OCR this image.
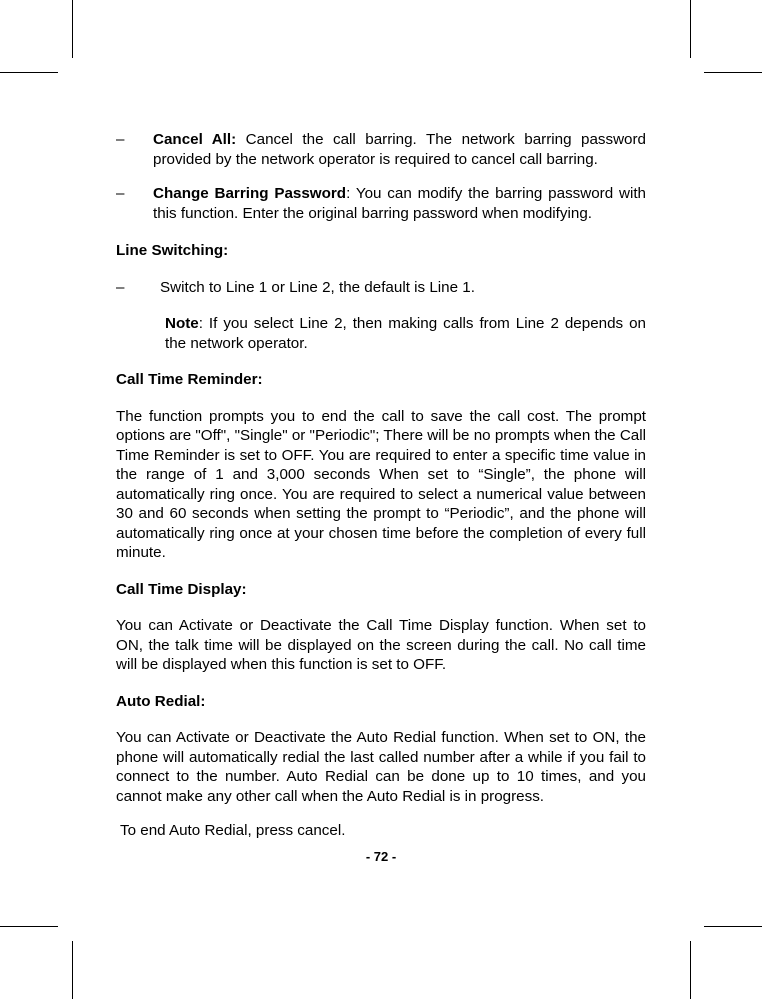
– Cancel All: Cancel the call barring. The network barring password provided by the network operator is required to cancel call barring.

– Change Barring Password: You can modify the barring password with this function. Enter the original barring password when modifying.

Line Switching:

– Switch to Line 1 or Line 2, the default is Line 1.

Note: If you select Line 2, then making calls from Line 2 depends on the network operator.

Call Time Reminder:

The function prompts you to end the call to save the call cost. The prompt options are "Off", "Single" or "Periodic"; There will be no prompts when the Call Time Reminder is set to OFF. You are required to enter a specific time value in the range of 1 and 3,000 seconds When set to “Single”, the phone will automatically ring once. You are required to select a numerical value between 30 and 60 seconds when setting the prompt to “Periodic”, and the phone will automatically ring once at your chosen time before the completion of every full minute.

Call Time Display:

You can Activate or Deactivate the Call Time Display function. When set to ON, the talk time will be displayed on the screen during the call. No call time will be displayed when this function is set to OFF.

Auto Redial:

You can Activate or Deactivate the Auto Redial function. When set to ON, the phone will automatically redial the last called number after a while if you fail to connect to the number. Auto Redial can be done up to 10 times, and you cannot make any other call when the Auto Redial is in progress.

To end Auto Redial, press cancel.

- 72 -
